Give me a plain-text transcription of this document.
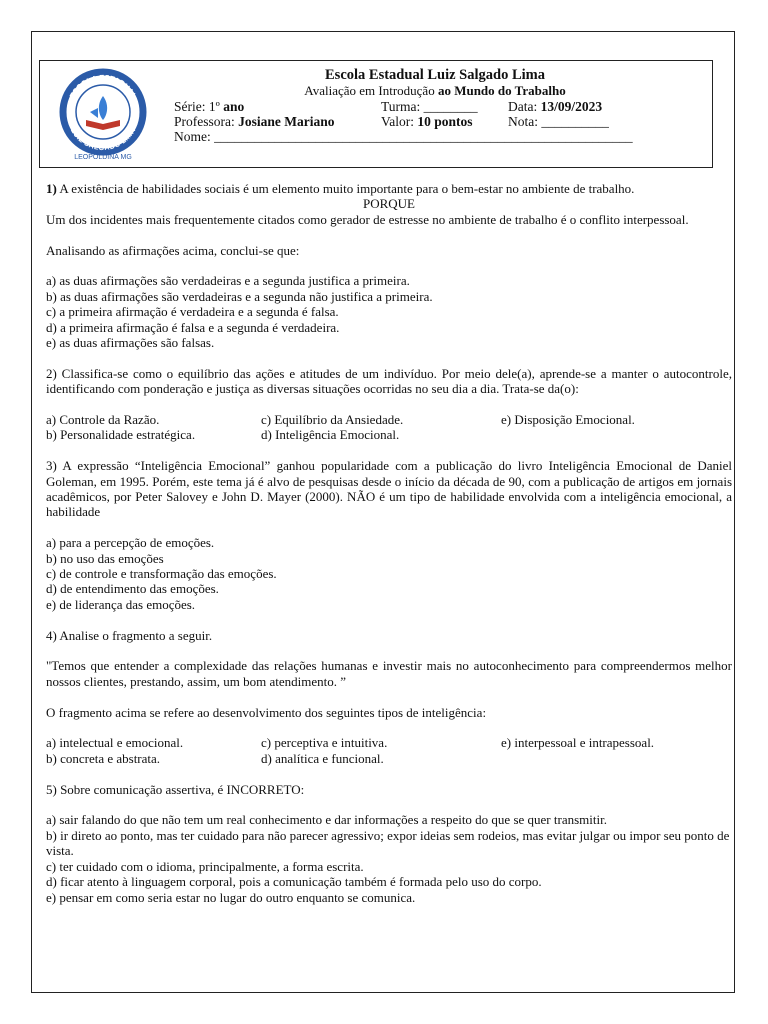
ESCOLA ESTADUAL
LUIZ SALGADO LIMA
LEOPOLDINA MG
Escola Estadual Luiz Salgado Lima
Avaliação em Introdução ao Mundo do Trabalho
Série: 1º ano	Turma: ________ Data: 13/09/2023
Professora: Josiane Mariano	Valor: 10 pontos	Nota: __________
Nome: ______________________________________________________________

1) A existência de habilidades sociais é um elemento muito importante para o bem-estar no ambiente de trabalho.

PORQUE

Um dos incidentes mais frequentemente citados como gerador de estresse no ambiente de trabalho é o conflito interpessoal.

Analisando as afirmações acima, conclui-se que:

a) as duas afirmações são verdadeiras e a segunda justifica a primeira.

b) as duas afirmações são verdadeiras e a segunda não justifica a primeira.

c) a primeira afirmação é verdadeira e a segunda é falsa.

d) a primeira afirmação é falsa e a segunda é verdadeira.

e) as duas afirmações são falsas.

2) Classifica-se como o equilíbrio das ações e atitudes de um indivíduo. Por meio dele(a), aprende-se a manter o autocontrole, identificando com ponderação e justiça as diversas situações ocorridas no seu dia a dia. Trata-se da(o):

a) Controle da Razão.	c) Equilíbrio da Ansiedade.	e) Disposição Emocional.
b) Personalidade estratégica.	d) Inteligência Emocional.

3) A expressão “Inteligência Emocional” ganhou popularidade com a publicação do livro Inteligência Emocional de Daniel Goleman, em 1995. Porém, este tema já é alvo de pesquisas desde o início da década de 90, com a publicação de artigos em jornais acadêmicos, por Peter Salovey e John D. Mayer (2000). NÃO é um tipo de habilidade envolvida com a inteligência emocional, a habilidade

a) para a percepção de emoções.

b) no uso das emoções

c) de controle e transformação das emoções.

d) de entendimento das emoções.

e) de liderança das emoções.

4) Analise o fragmento a seguir.

"Temos que entender a complexidade das relações humanas e investir mais no autoconhecimento para compreendermos melhor nossos clientes, prestando, assim, um bom atendimento. ”

O fragmento acima se refere ao desenvolvimento dos seguintes tipos de inteligência:

a) intelectual e emocional.	c) perceptiva e intuitiva.	e) interpessoal e intrapessoal.
b) concreta e abstrata.	d) analítica e funcional.

5) Sobre comunicação assertiva, é INCORRETO:

a) sair falando do que não tem um real conhecimento e dar informações a respeito do que se quer transmitir.

b) ir direto ao ponto, mas ter cuidado para não parecer agressivo; expor ideias sem rodeios, mas evitar julgar ou impor seu ponto de vista.

c) ter cuidado com o idioma, principalmente, a forma escrita.

d) ficar atento à linguagem corporal, pois a comunicação também é formada pelo uso do corpo.

e) pensar em como seria estar no lugar do outro enquanto se comunica.
